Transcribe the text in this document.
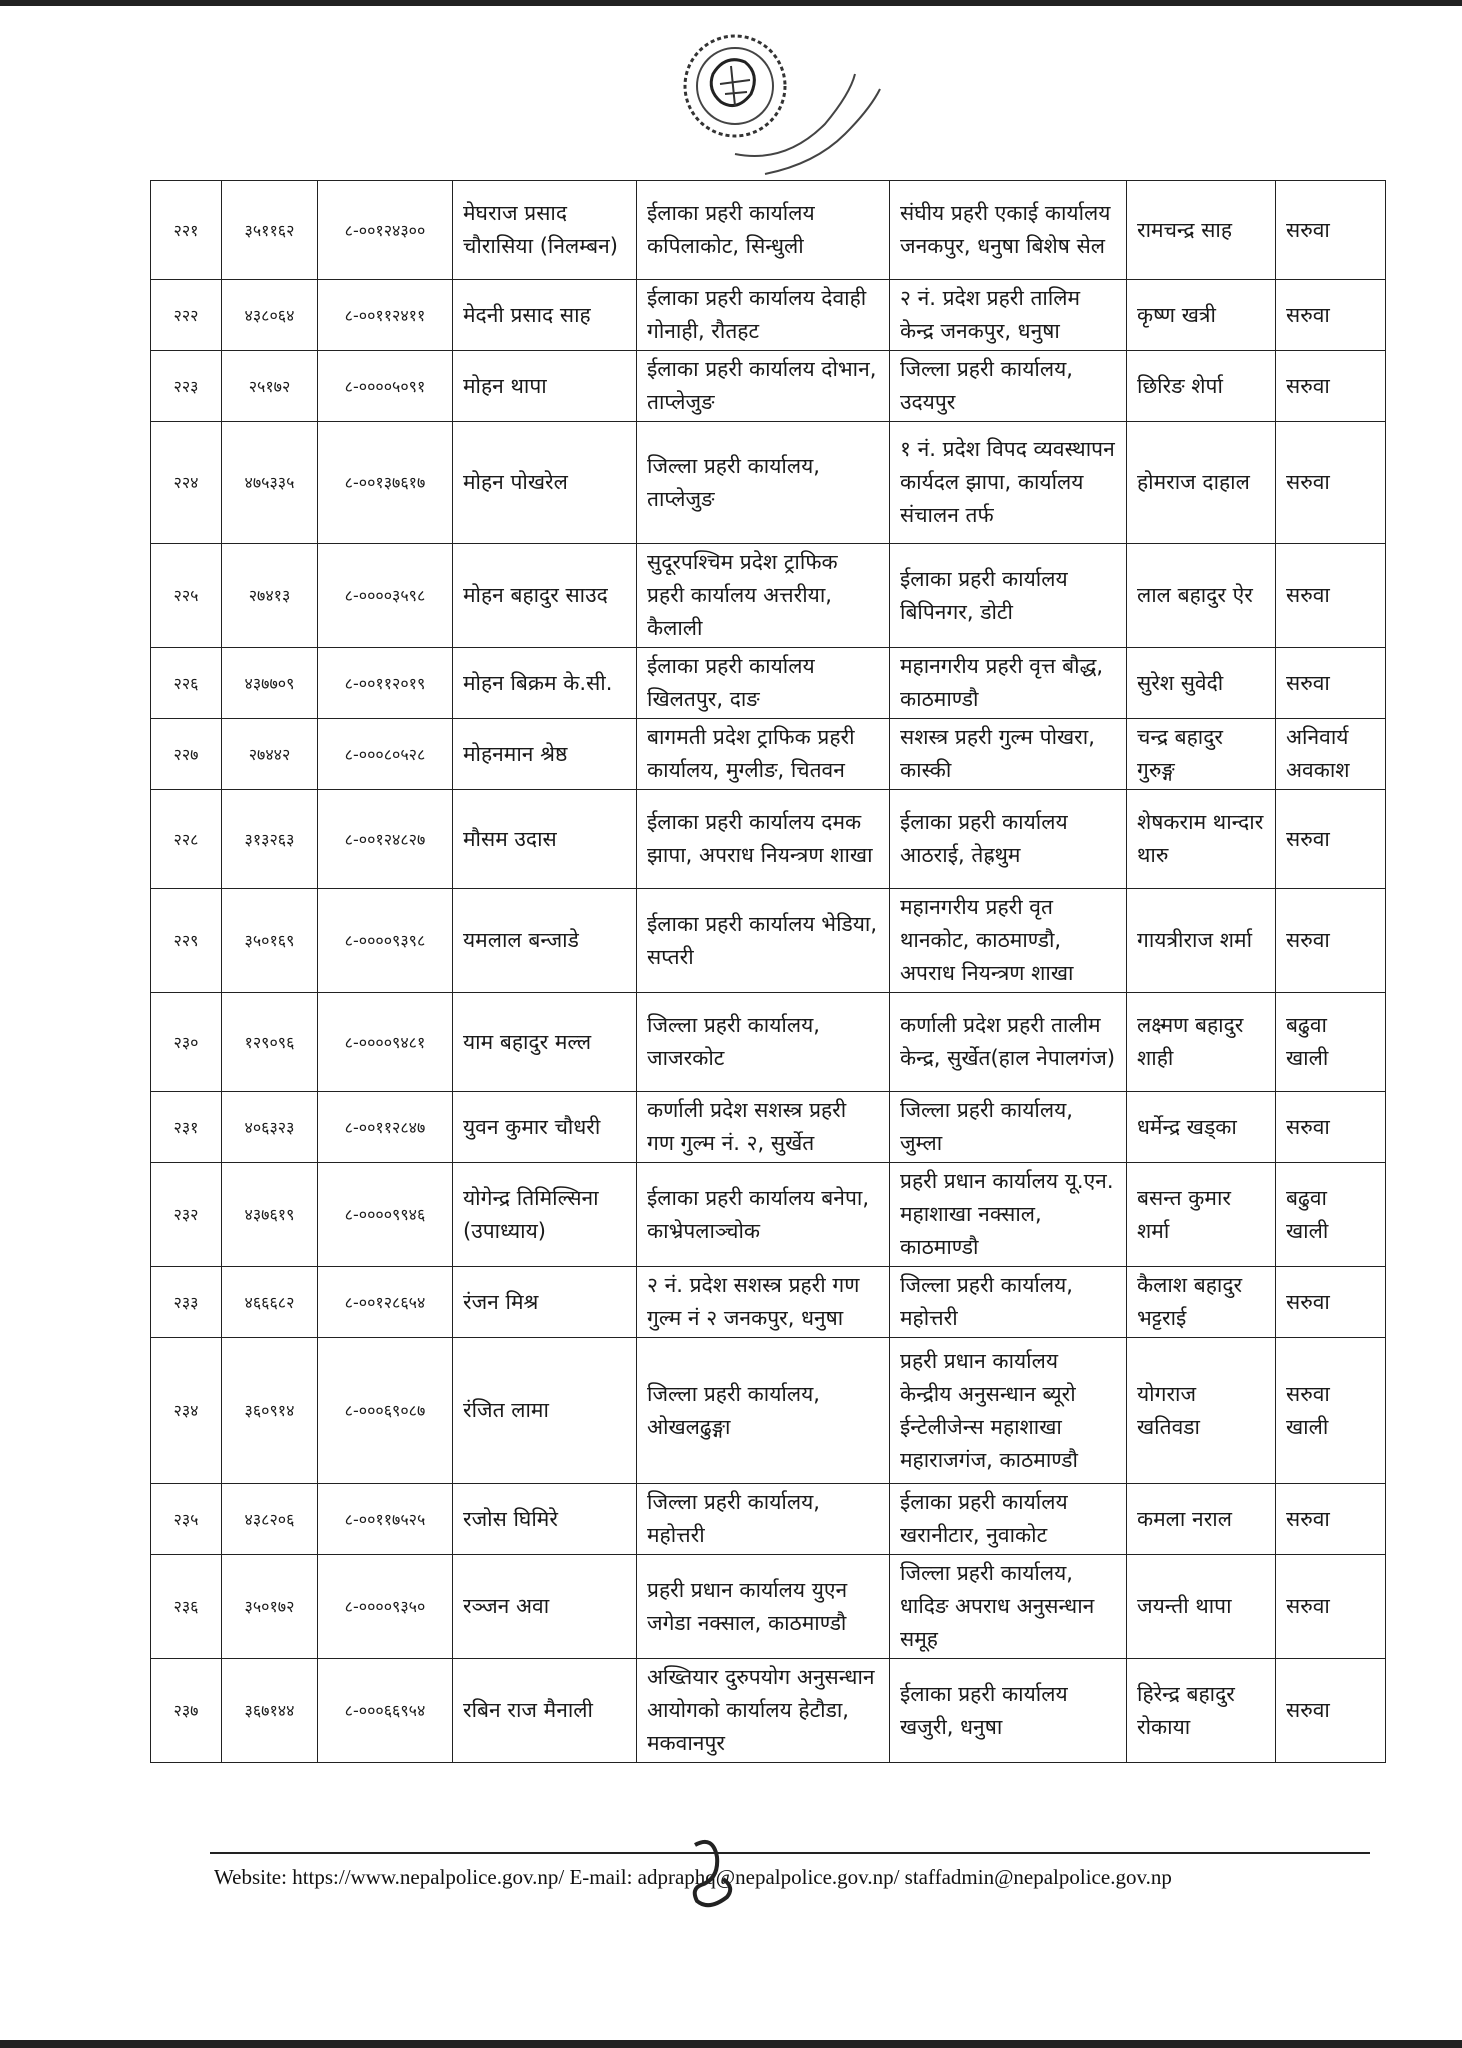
२२१	३५११६२	८-००१२४३००	मेघराज प्रसाद चौरासिया (निलम्बन)	ईलाका प्रहरी कार्यालय कपिलाकोट, सिन्धुली	संघीय प्रहरी एकाई कार्यालय जनकपुर, धनुषा बिशेष सेल	रामचन्द्र साह	सरुवा
२२२	४३८०६४	८-००११२४११	मेदनी प्रसाद साह	ईलाका प्रहरी कार्यालय देवाही गोनाही, रौतहट	२ नं. प्रदेश प्रहरी तालिम केन्द्र जनकपुर, धनुषा	कृष्ण खत्री	सरुवा
२२३	२५१७२	८-००००५०९१	मोहन थापा	ईलाका प्रहरी कार्यालय दोभान, ताप्लेजुङ	जिल्ला प्रहरी कार्यालय, उदयपुर	छिरिङ शेर्पा	सरुवा
२२४	४७५३३५	८-००१३७६१७	मोहन पोखरेल	जिल्ला प्रहरी कार्यालय, ताप्लेजुङ	१ नं. प्रदेश विपद व्यवस्थापन कार्यदल झापा, कार्यालय संचालन तर्फ	होमराज दाहाल	सरुवा
२२५	२७४१३	८-००००३५९८	मोहन बहादुर साउद	सुदूरपश्चिम प्रदेश ट्राफिक प्रहरी कार्यालय अत्तरीया, कैलाली	ईलाका प्रहरी कार्यालय बिपिनगर, डोटी	लाल बहादुर ऐर	सरुवा
२२६	४३७७०९	८-००११२०१९	मोहन बिक्रम के.सी.	ईलाका प्रहरी कार्यालय खिलतपुर, दाङ	महानगरीय प्रहरी वृत्त बौद्ध, काठमाण्डौ	सुरेश सुवेदी	सरुवा
२२७	२७४४२	८-०००८०५२८	मोहनमान श्रेष्ठ	बागमती प्रदेश ट्राफिक प्रहरी कार्यालय, मुग्लीङ, चितवन	सशस्त्र प्रहरी गुल्म पोखरा, कास्की	चन्द्र बहादुर गुरुङ्ग	अनिवार्य अवकाश
२२८	३१३२६३	८-००१२४८२७	मौसम उदास	ईलाका प्रहरी कार्यालय दमक झापा, अपराध नियन्त्रण शाखा	ईलाका प्रहरी कार्यालय आठराई, तेह्रथुम	शेषकराम थान्दार थारु	सरुवा
२२९	३५०१६९	८-००००९३९८	यमलाल बन्जाडे	ईलाका प्रहरी कार्यालय भेडिया, सप्तरी	महानगरीय प्रहरी वृत थानकोट, काठमाण्डौ, अपराध नियन्त्रण शाखा	गायत्रीराज शर्मा	सरुवा
२३०	१२९०९६	८-००००९४८१	याम बहादुर मल्ल	जिल्ला प्रहरी कार्यालय, जाजरकोट	कर्णाली प्रदेश प्रहरी तालीम केन्द्र, सुर्खेत(हाल नेपालगंज)	लक्ष्मण बहादुर शाही	बढुवा खाली
२३१	४०६३२३	८-००११२८४७	युवन कुमार चौधरी	कर्णाली प्रदेश सशस्त्र प्रहरी गण गुल्म नं. २, सुर्खेत	जिल्ला प्रहरी कार्यालय, जुम्ला	धर्मेन्द्र खड्का	सरुवा
२३२	४३७६१९	८-००००९९४६	योगेन्द्र तिमिल्सिना (उपाध्याय)	ईलाका प्रहरी कार्यालय बनेपा, काभ्रेपलाञ्चोक	प्रहरी प्रधान कार्यालय यू.एन. महाशाखा नक्साल, काठमाण्डौ	बसन्त कुमार शर्मा	बढुवा खाली
२३३	४६६६८२	८-००१२८६५४	रंजन मिश्र	२ नं. प्रदेश सशस्त्र प्रहरी गण गुल्म नं २ जनकपुर, धनुषा	जिल्ला प्रहरी कार्यालय, महोत्तरी	कैलाश बहादुर भट्टराई	सरुवा
२३४	३६०९१४	८-०००६९०८७	रंजित लामा	जिल्ला प्रहरी कार्यालय, ओखलढुङ्गा	प्रहरी प्रधान कार्यालय केन्द्रीय अनुसन्धान ब्यूरो ईन्टेलीजेन्स महाशाखा महाराजगंज, काठमाण्डौ	योगराज खतिवडा	सरुवा खाली
२३५	४३८२०६	८-००११७५२५	रजोस घिमिरे	जिल्ला प्रहरी कार्यालय, महोत्तरी	ईलाका प्रहरी कार्यालय खरानीटार, नुवाकोट	कमला नराल	सरुवा
२३६	३५०१७२	८-००००९३५०	रञ्जन अवा	प्रहरी प्रधान कार्यालय युएन जगेडा नक्साल, काठमाण्डौ	जिल्ला प्रहरी कार्यालय, धादिङ अपराध अनुसन्धान समूह	जयन्ती थापा	सरुवा
२३७	३६७१४४	८-०००६६९५४	रबिन राज मैनाली	अख्तियार दुरुपयोग अनुसन्धान आयोगको कार्यालय हेटौडा, मकवानपुर	ईलाका प्रहरी कार्यालय खजुरी, धनुषा	हिरेन्द्र बहादुर रोकाया	सरुवा
Website: https://www.nepalpolice.gov.np/ E-mail: adpraphq@nepalpolice.gov.np/ staffadmin@nepalpolice.gov.np
